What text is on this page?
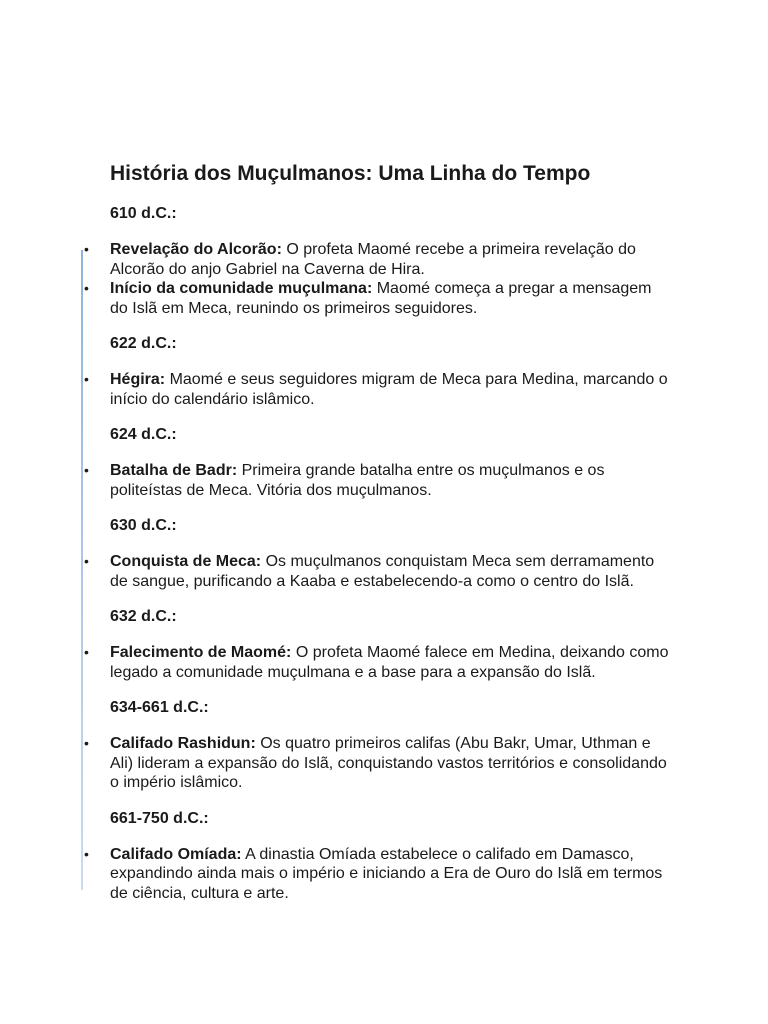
História dos Muçulmanos: Uma Linha do Tempo

610 d.C.:

• Revelação do Alcorão: O profeta Maomé recebe a primeira revelação do Alcorão do anjo Gabriel na Caverna de Hira.
• Início da comunidade muçulmana: Maomé começa a pregar a mensagem do Islã em Meca, reunindo os primeiros seguidores.

622 d.C.:

• Hégira: Maomé e seus seguidores migram de Meca para Medina, marcando o início do calendário islâmico.

624 d.C.:

• Batalha de Badr: Primeira grande batalha entre os muçulmanos e os politeístas de Meca. Vitória dos muçulmanos.

630 d.C.:

• Conquista de Meca: Os muçulmanos conquistam Meca sem derramamento de sangue, purificando a Kaaba e estabelecendo-a como o centro do Islã.

632 d.C.:

• Falecimento de Maomé: O profeta Maomé falece em Medina, deixando como legado a comunidade muçulmana e a base para a expansão do Islã.

634-661 d.C.:

• Califado Rashidun: Os quatro primeiros califas (Abu Bakr, Umar, Uthman e Ali) lideram a expansão do Islã, conquistando vastos territórios e consolidando o império islâmico.

661-750 d.C.:

• Califado Omíada: A dinastia Omíada estabelece o califado em Damasco, expandindo ainda mais o império e iniciando a Era de Ouro do Islã em termos de ciência, cultura e arte.
